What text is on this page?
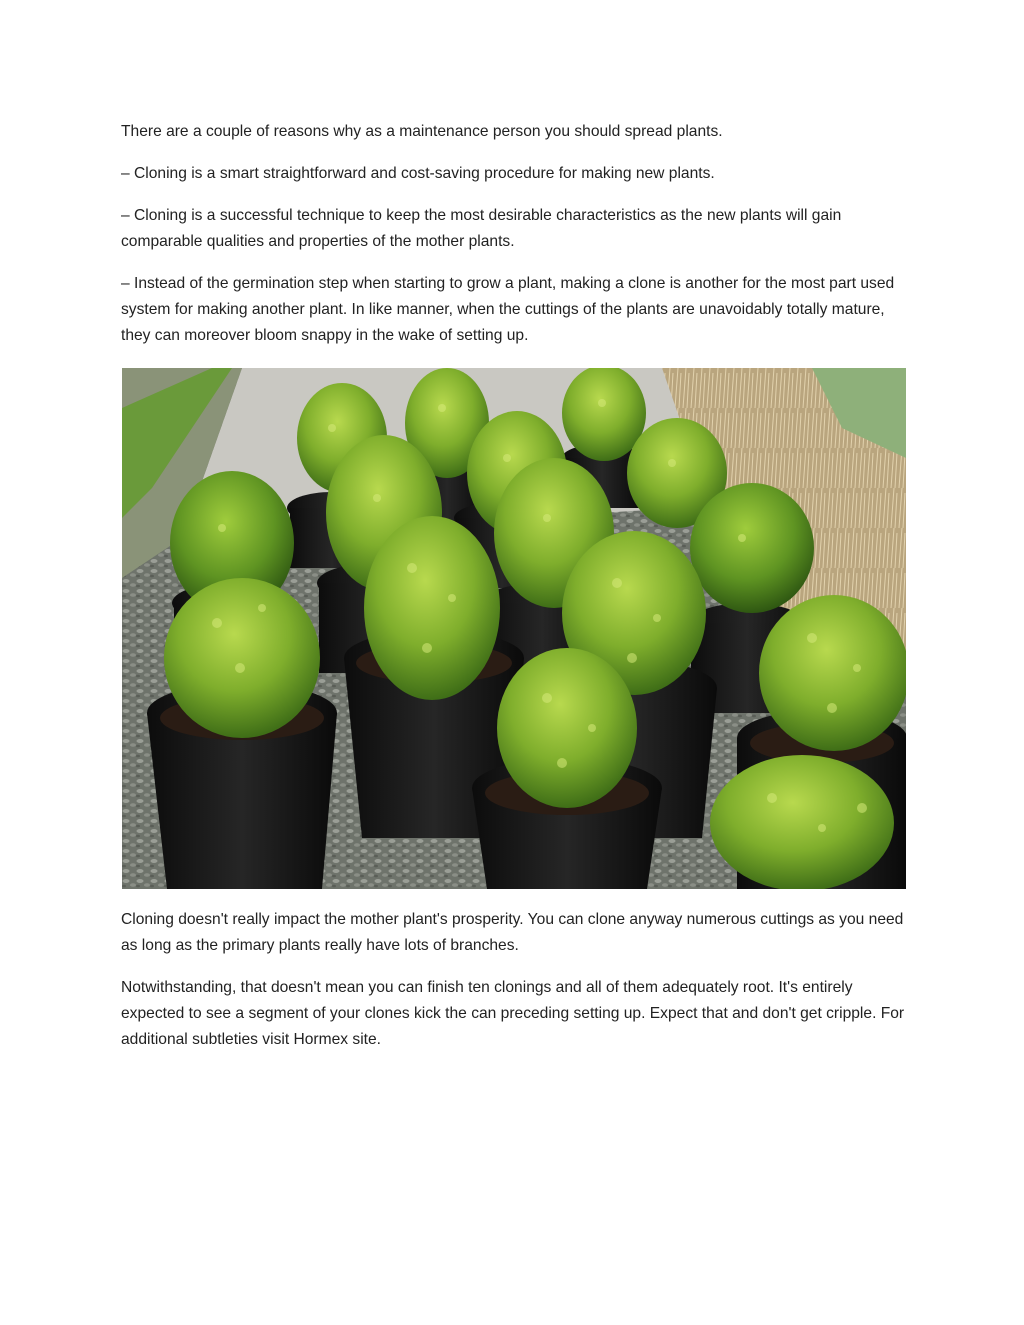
There are a couple of reasons why as a maintenance person you should spread plants.

– Cloning is a smart straightforward and cost-saving procedure for making new plants.

– Cloning is a successful technique to keep the most desirable characteristics as the new plants will gain comparable qualities and properties of the mother plants.

– Instead of the germination step when starting to grow a plant, making a clone is another for the most part used system for making another plant. In like manner, when the cuttings of the plants are unavoidably totally mature, they can moreover bloom snappy in the wake of setting up.

Cloning doesn't really impact the mother plant's prosperity. You can clone anyway numerous cuttings as you need as long as the primary plants really have lots of branches.

Notwithstanding, that doesn't mean you can finish ten clonings and all of them adequately root. It's entirely expected to see a segment of your clones kick the can preceding setting up. Expect that and don't get cripple. For additional subtleties visit Hormex site.
